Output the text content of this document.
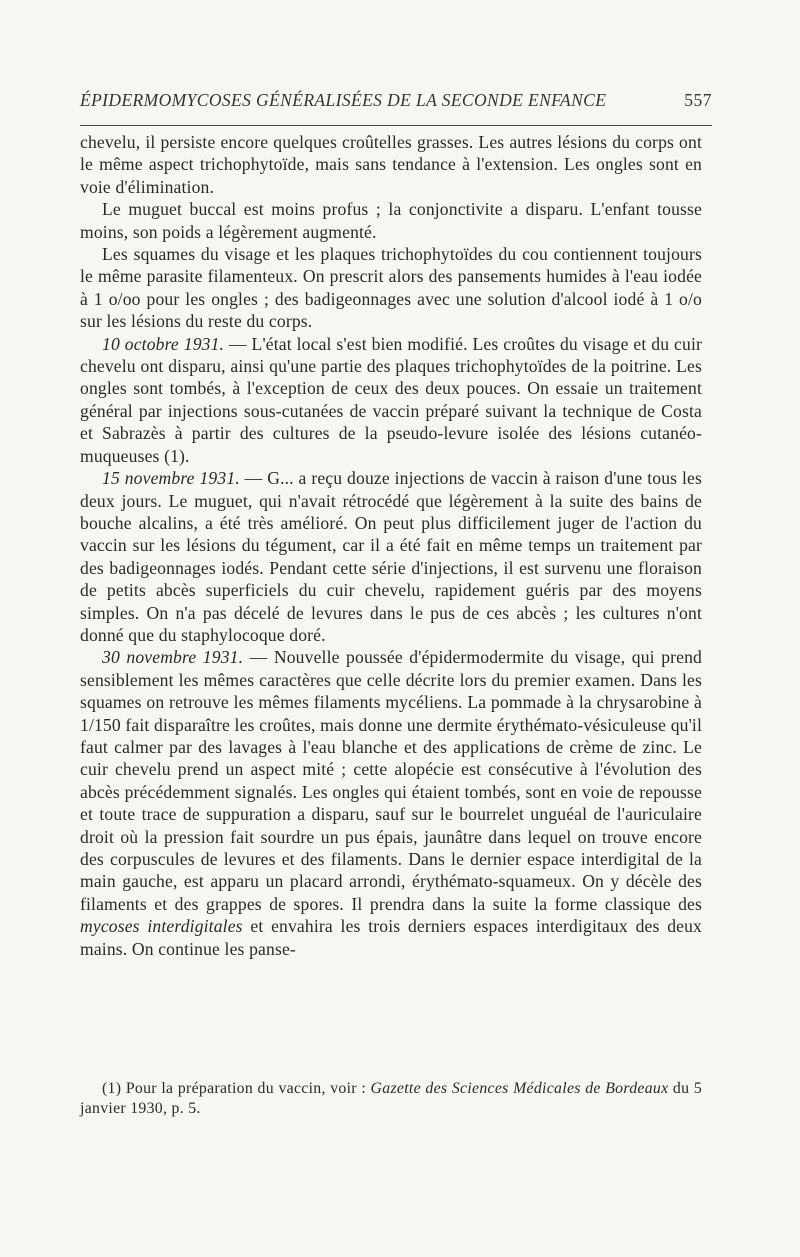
ÉPIDERMOMYCOSES GÉNÉRALISÉES DE LA SECONDE ENFANCE	557

chevelu, il persiste encore quelques croûtelles grasses. Les autres lésions du corps ont le même aspect trichophytoïde, mais sans tendance à l'extension. Les ongles sont en voie d'élimination.

Le muguet buccal est moins profus ; la conjonctivite a disparu. L'enfant tousse moins, son poids a légèrement augmenté.

Les squames du visage et les plaques trichophytoïdes du cou contiennent toujours le même parasite filamenteux. On prescrit alors des pansements humides à l'eau iodée à 1 o/oo pour les ongles ; des badigeonnages avec une solution d'alcool iodé à 1 o/o sur les lésions du reste du corps.

10 octobre 1931. — L'état local s'est bien modifié. Les croûtes du visage et du cuir chevelu ont disparu, ainsi qu'une partie des plaques trichophytoïdes de la poitrine. Les ongles sont tombés, à l'exception de ceux des deux pouces. On essaie un traitement général par injections sous-cutanées de vaccin préparé suivant la technique de Costa et Sabrazès à partir des cultures de la pseudo-levure isolée des lésions cutanéo-muqueuses (1).

15 novembre 1931. — G... a reçu douze injections de vaccin à raison d'une tous les deux jours. Le muguet, qui n'avait rétrocédé que légèrement à la suite des bains de bouche alcalins, a été très amélioré. On peut plus difficilement juger de l'action du vaccin sur les lésions du tégument, car il a été fait en même temps un traitement par des badigeonnages iodés. Pendant cette série d'injections, il est survenu une floraison de petits abcès superficiels du cuir chevelu, rapidement guéris par des moyens simples. On n'a pas décelé de levures dans le pus de ces abcès ; les cultures n'ont donné que du staphylocoque doré.

30 novembre 1931. — Nouvelle poussée d'épidermodermite du visage, qui prend sensiblement les mêmes caractères que celle décrite lors du premier examen. Dans les squames on retrouve les mêmes filaments mycéliens. La pommade à la chrysarobine à 1/150 fait disparaître les croûtes, mais donne une dermite érythémato-vésiculeuse qu'il faut calmer par des lavages à l'eau blanche et des applications de crème de zinc. Le cuir chevelu prend un aspect mité ; cette alopécie est consécutive à l'évolution des abcès précédemment signalés. Les ongles qui étaient tombés, sont en voie de repousse et toute trace de suppuration a disparu, sauf sur le bourrelet unguéal de l'auriculaire droit où la pression fait sourdre un pus épais, jaunâtre dans lequel on trouve encore des corpuscules de levures et des filaments. Dans le dernier espace interdigital de la main gauche, est apparu un placard arrondi, érythémato-squameux. On y décèle des filaments et des grappes de spores. Il prendra dans la suite la forme classique des mycoses interdigitales et envahira les trois derniers espaces interdigitaux des deux mains. On continue les panse-

(1) Pour la préparation du vaccin, voir : Gazette des Sciences Médicales de Bordeaux du 5 janvier 1930, p. 5.
